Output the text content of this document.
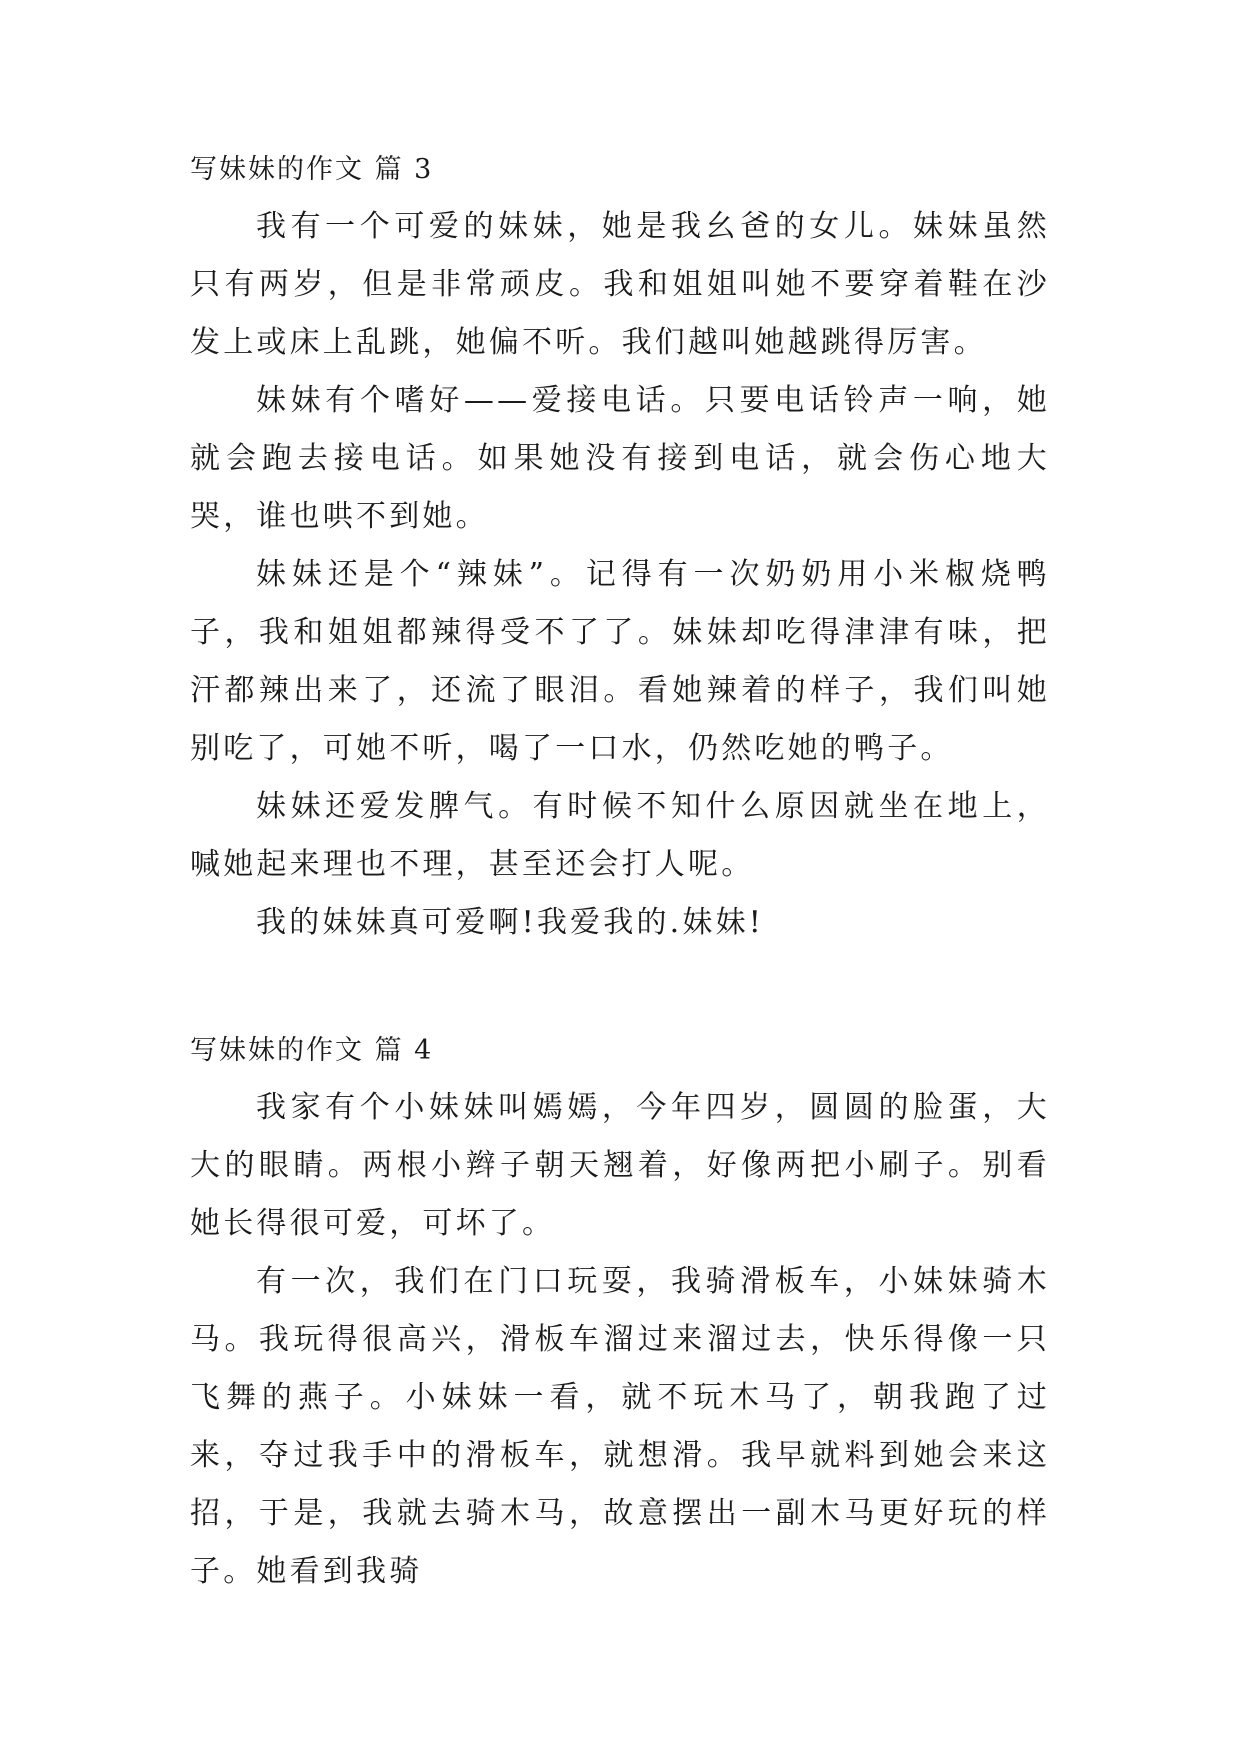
写妹妹的作文 篇 3

我有一个可爱的妹妹，她是我幺爸的女儿。妹妹虽然只有两岁，但是非常顽皮。我和姐姐叫她不要穿着鞋在沙发上或床上乱跳，她偏不听。我们越叫她越跳得厉害。

妹妹有个嗜好——爱接电话。只要电话铃声一响，她就会跑去接电话。如果她没有接到电话，就会伤心地大哭，谁也哄不到她。

妹妹还是个“辣妹”。记得有一次奶奶用小米椒烧鸭子，我和姐姐都辣得受不了了。妹妹却吃得津津有味，把汗都辣出来了，还流了眼泪。看她辣着的样子，我们叫她别吃了，可她不听，喝了一口水，仍然吃她的鸭子。

妹妹还爱发脾气。有时候不知什么原因就坐在地上，喊她起来理也不理，甚至还会打人呢。

我的妹妹真可爱啊!我爱我的.妹妹!

写妹妹的作文 篇 4

我家有个小妹妹叫嫣嫣，今年四岁，圆圆的脸蛋，大大的眼睛。两根小辫子朝天翘着，好像两把小刷子。别看她长得很可爱，可坏了。

有一次，我们在门口玩耍，我骑滑板车，小妹妹骑木马。我玩得很高兴，滑板车溜过来溜过去，快乐得像一只飞舞的燕子。小妹妹一看，就不玩木马了，朝我跑了过来，夺过我手中的滑板车，就想滑。我早就料到她会来这招，于是，我就去骑木马，故意摆出一副木马更好玩的样子。她看到我骑
